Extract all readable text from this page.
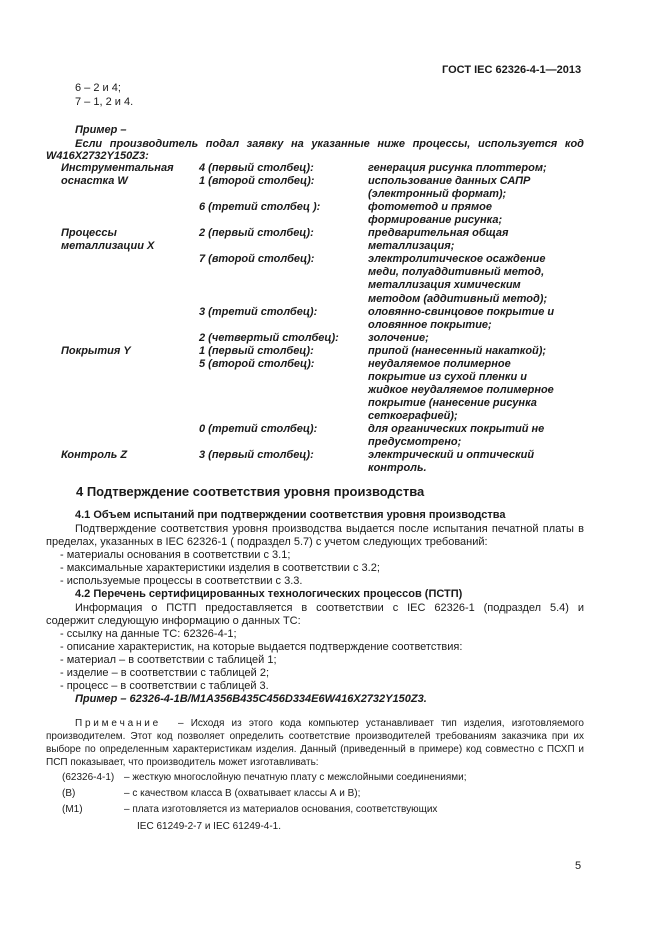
ГОСТ IEC 62326-4-1—2013
6 – 2 и 4;
7 – 1, 2 и 4.
Пример –
Если производитель подал заявку на указанные ниже процессы, используется код
W416X2732Y150Z3:
Инструментальная 4 (первый столбец):	генерация рисунка плоттером;
оснастка W	1 (второй столбец):	использование данных САПР
(электронный формат);
6 (третий столбец ):	фотометод и прямое
формирование рисунка;
Процессы	2 (первый столбец):	предварительная общая
металлизации X	металлизация;
7 (второй столбец):	электролитическое осаждение
меди, полуаддитивный метод,
металлизация химическим
методом (аддитивный метод);
3 (третий столбец):	оловянно-свинцовое покрытие и
оловянное покрытие;
2 (четвертый столбец):	золочение;
Покрытия Y	1 (первый столбец):	припой (нанесенный накаткой);
5 (второй столбец):	неудаляемое полимерное
покрытие из сухой пленки и
жидкое неудаляемое полимерное
покрытие (нанесение рисунка
сеткографией);
0 (третий столбец):	для органических покрытий не
предусмотрено;
Контроль Z	3 (первый столбец):	электрический и оптический
контроль.
4 Подтверждение соответствия уровня производства
4.1 Объем испытаний при подтверждении соответствия уровня производства
Подтверждение соответствия уровня производства выдается после испытания печатной платы в
пределах, указанных в IEC 62326-1 ( подраздел 5.7) с учетом следующих требований:
- материалы основания в соответствии с 3.1;
- максимальные характеристики изделия в соответствии с 3.2;
- используемые процессы в соответствии с 3.3.
4.2 Перечень сертифицированных технологических процессов (ПСТП)
Информация о ПСТП предоставляется в соответствии с IEC 62326-1 (подраздел 5.4) и
содержит следующую информацию о данных ТС:
- ссылку на данные ТС: 62326-4-1;
- описание характеристик, на которые выдается подтверждение соответствия:
- материал – в соответствии с таблицей 1;
- изделие – в соответствии с таблицей 2;
- процесс – в соответствии с таблицей 3.
Пример – 62326-4-1B/M1A356B435C456D334E6W416X2732Y150Z3.
П р и м е ч а н и е – Исходя из этого кода компьютер устанавливает тип изделия, изготовляемого
производителем. Этот код позволяет определить соответствие производителей требованиям заказчика при их
выборе по определенным характеристикам изделия. Данный (приведенный в примере) код совместно с ПСХП и
ПСП показывает, что производитель может изготавливать:
(62326-4-1) – жесткую многослойную печатную плату с межслойными соединениями;
(B)	– с качеством класса В (охватывает классы А и В);
(M1)	– плата изготовляется из материалов основания, соответствующих
IEC 61249-2-7 и IEC 61249-4-1.
5
